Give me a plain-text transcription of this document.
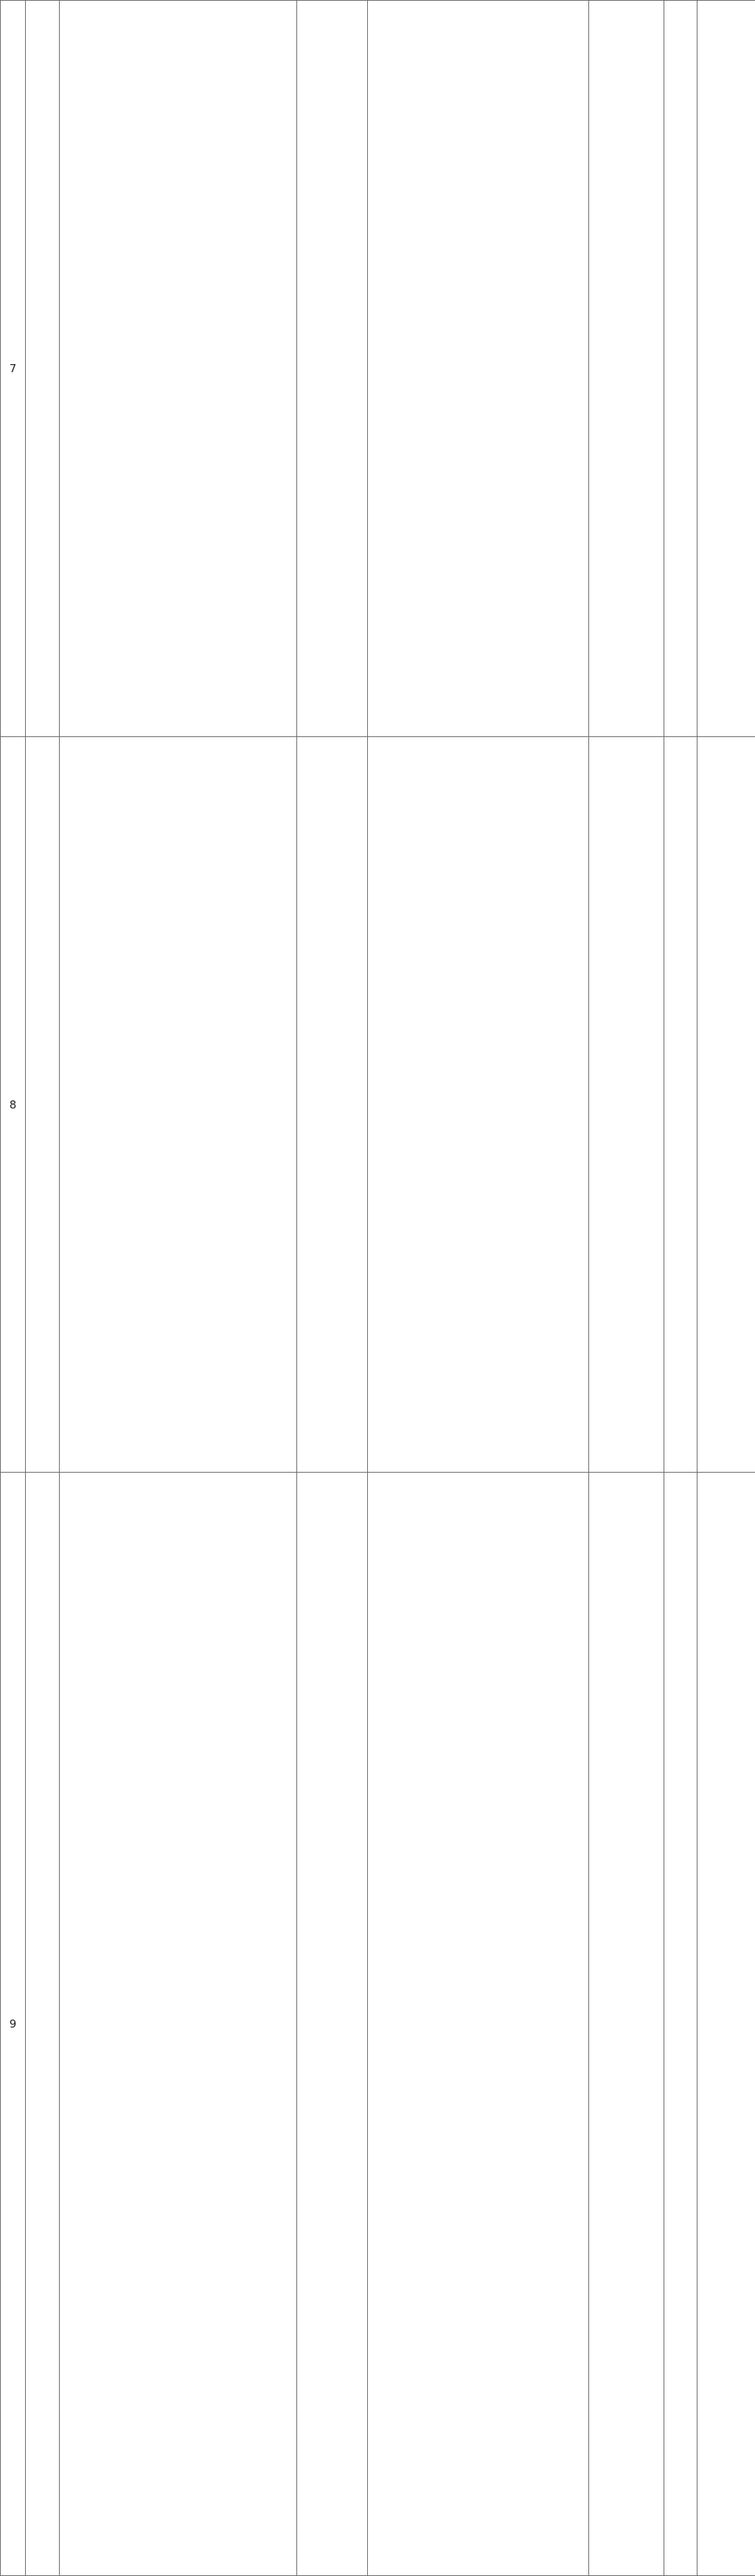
7	

8	

9	
